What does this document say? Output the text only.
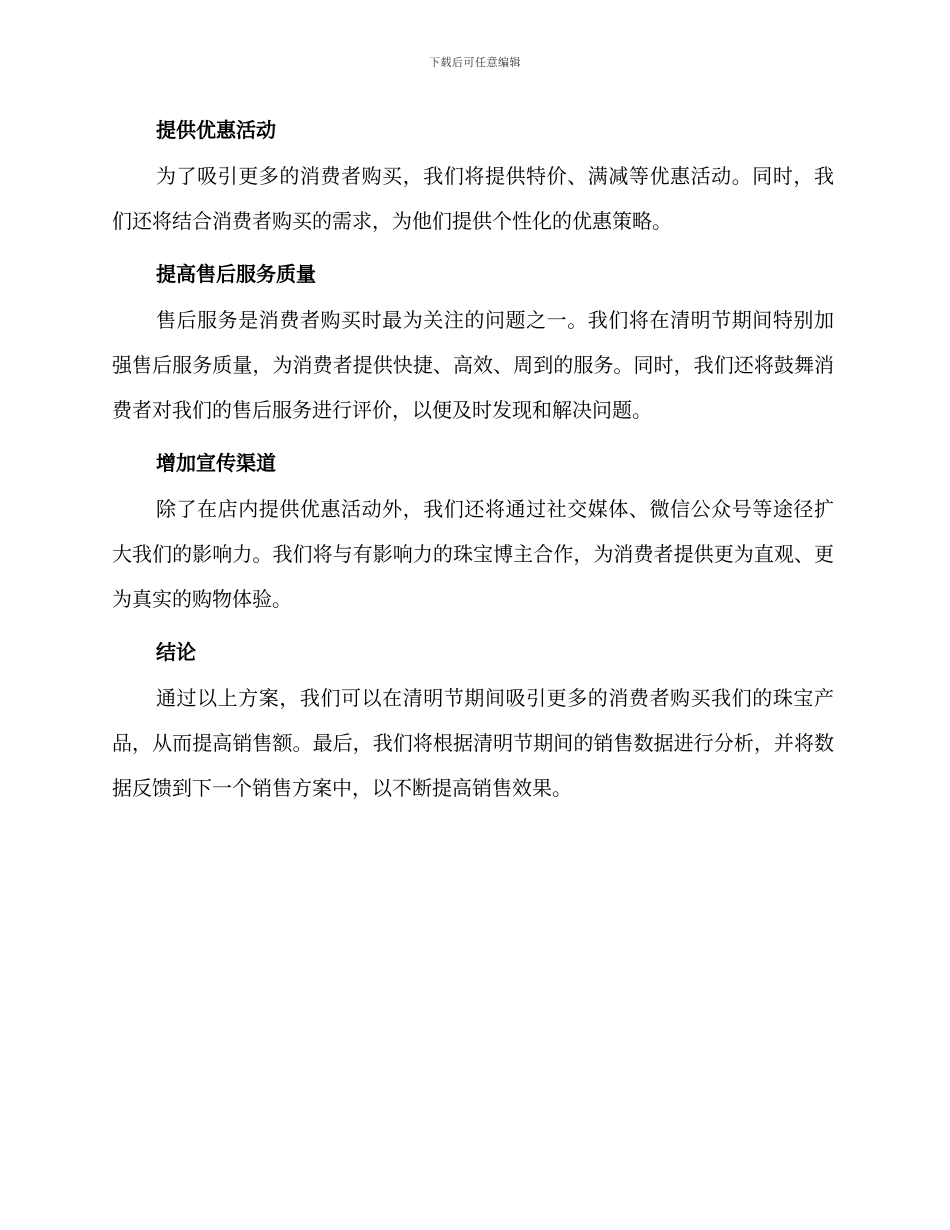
下载后可任意编辑
提供优惠活动

为了吸引更多的消费者购买，我们将提供特价、满减等优惠活动。同时，我们还将结合消费者购买的需求，为他们提供个性化的优惠策略。

提高售后服务质量

售后服务是消费者购买时最为关注的问题之一。我们将在清明节期间特别加强售后服务质量，为消费者提供快捷、高效、周到的服务。同时，我们还将鼓舞消费者对我们的售后服务进行评价，以便及时发现和解决问题。

增加宣传渠道

除了在店内提供优惠活动外，我们还将通过社交媒体、微信公众号等途径扩大我们的影响力。我们将与有影响力的珠宝博主合作，为消费者提供更为直观、更为真实的购物体验。

结论

通过以上方案，我们可以在清明节期间吸引更多的消费者购买我们的珠宝产品，从而提高销售额。最后，我们将根据清明节期间的销售数据进行分析，并将数据反馈到下一个销售方案中，以不断提高销售效果。
